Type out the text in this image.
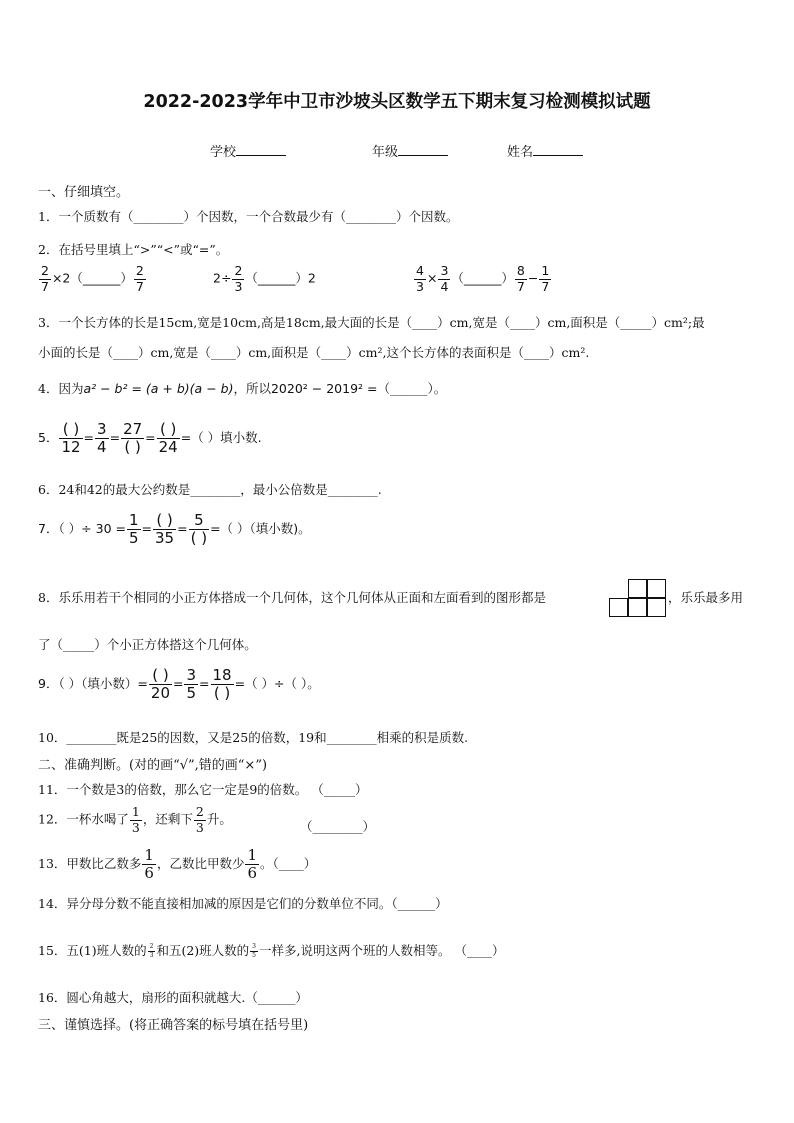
2022-2023学年中卫市沙坡头区数学五下期末复习检测模拟试题
学校	年级	姓名
一、仔细填空。
1．一个质数有（________）个因数，一个合数最少有（________）个因数。
2．在括号里填上“>”“<”或“=”。
$\frac{2}{7}$ ×2（______） $\frac{2}{7}$	$2\div \frac{2}{3}$ （______）2	$\frac{4}{3} \times \frac{3}{4}$ （______） $\frac{8}{7} - \frac{1}{7}$
3．一个长方体的长是15cm,宽是10cm,高是18cm,最大面的长是（____）cm,宽是（____）cm,面积是（_____）cm²;最
小面的长是（____）cm,宽是（____）cm,面积是（____）cm²,这个长方体的表面积是（____）cm².
4．因为a² − b² = (a + b)(a − b)，所以2020² − 2019² =（______）。
5． $\frac{( )}{12} = \frac{3}{4} = \frac{27}{( )} = \frac{( )}{24}$ =（ ）填小数.
6．24和42的最大公约数是________，最小公倍数是________.
7．（ ）÷ $30 = \frac{1}{5} = \frac{( )}{35} = \frac{5}{( )}$ =（ ）（填小数)。
8．乐乐用若干个相同的小正方体搭成一个几何体，这个几何体从正面和左面看到的图形都是	，乐乐最多用
了（_____）个小正方体搭这个几何体。
9．（ ）（填小数）= $\frac{( )}{20} = \frac{3}{5} = \frac{18}{( )}$ =（ ）÷（ ）。
10．________既是25的因数，又是25的倍数，19和________相乘的积是质数.
二、准确判断。(对的画“√”,错的画“×”)
11．一个数是3的倍数，那么它一定是9的倍数。 （_____）
12．一杯水喝了 $\frac{1}{3}$ ，还剩下 $\frac{2}{3}$ 升。	（________）
13．甲数比乙数多 $\frac{1}{6}$ ，乙数比甲数少 $\frac{1}{6}$ 。（____）
14．异分母分数不能直接相加减的原因是它们的分数单位不同。（______）
15．五(1)班人数的 $\frac{2}{3}$ 和五(2)班人数的 $\frac{3}{5}$ 一样多,说明这两个班的人数相等。 （____）
16．圆心角越大，扇形的面积就越大.（______）
三、谨慎选择。(将正确答案的标号填在括号里)
